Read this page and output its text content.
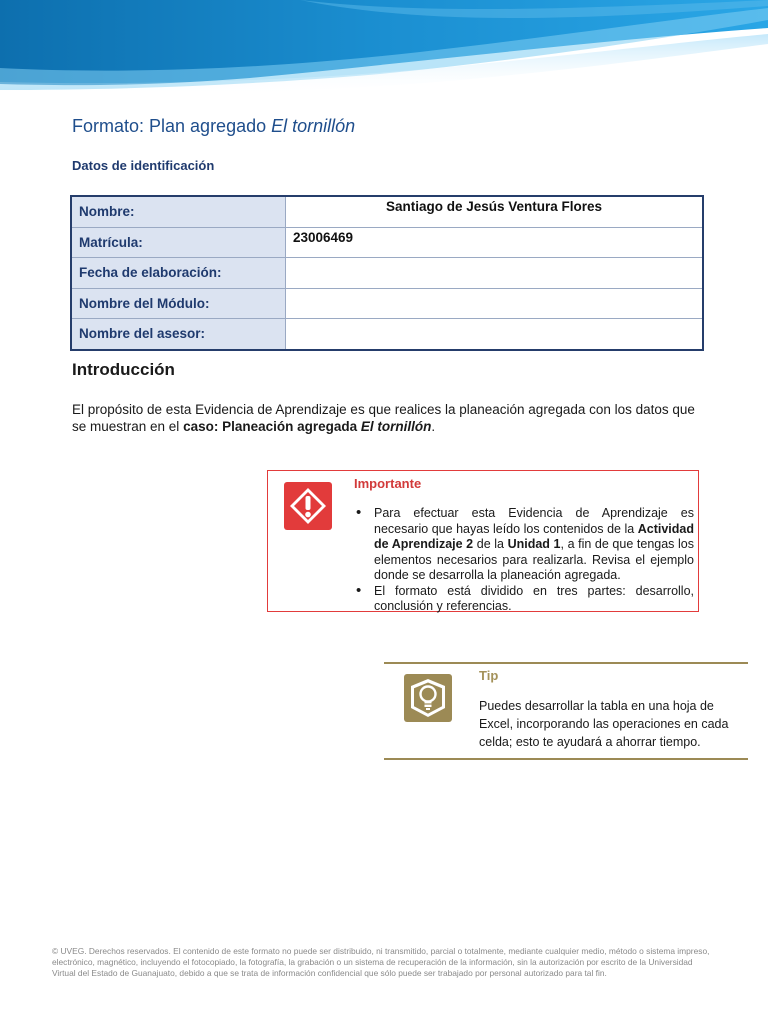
Formato: Plan agregado El tornillón
Datos de identificación
Nombre:	Santiago de Jesús Ventura Flores
Matrícula:	23006469
Fecha de elaboración:	
Nombre del Módulo:	
Nombre del asesor:	
Introducción

El propósito de esta Evidencia de Aprendizaje es que realices la planeación agregada con los datos que se muestran en el caso: Planeación agregada El tornillón.

Importante
• Para efectuar esta Evidencia de Aprendizaje es necesario que hayas leído los contenidos de la Actividad de Aprendizaje 2 de la Unidad 1, a fin de que tengas los elementos necesarios para realizarla. Revisa el ejemplo donde se desarrolla la planeación agregada.
• El formato está dividido en tres partes: desarrollo, conclusión y referencias.
Tip

Puedes desarrollar la tabla en una hoja de Excel, incorporando las operaciones en cada celda; esto te ayudará a ahorrar tiempo.

© UVEG. Derechos reservados. El contenido de este formato no puede ser distribuido, ni transmitido, parcial o totalmente, mediante cualquier medio, método o sistema impreso, electrónico, magnético, incluyendo el fotocopiado, la fotografía, la grabación o un sistema de recuperación de la información, sin la autorización por escrito de la Universidad Virtual del Estado de Guanajuato, debido a que se trata de información confidencial que sólo puede ser trabajado por personal autorizado para tal fin.
